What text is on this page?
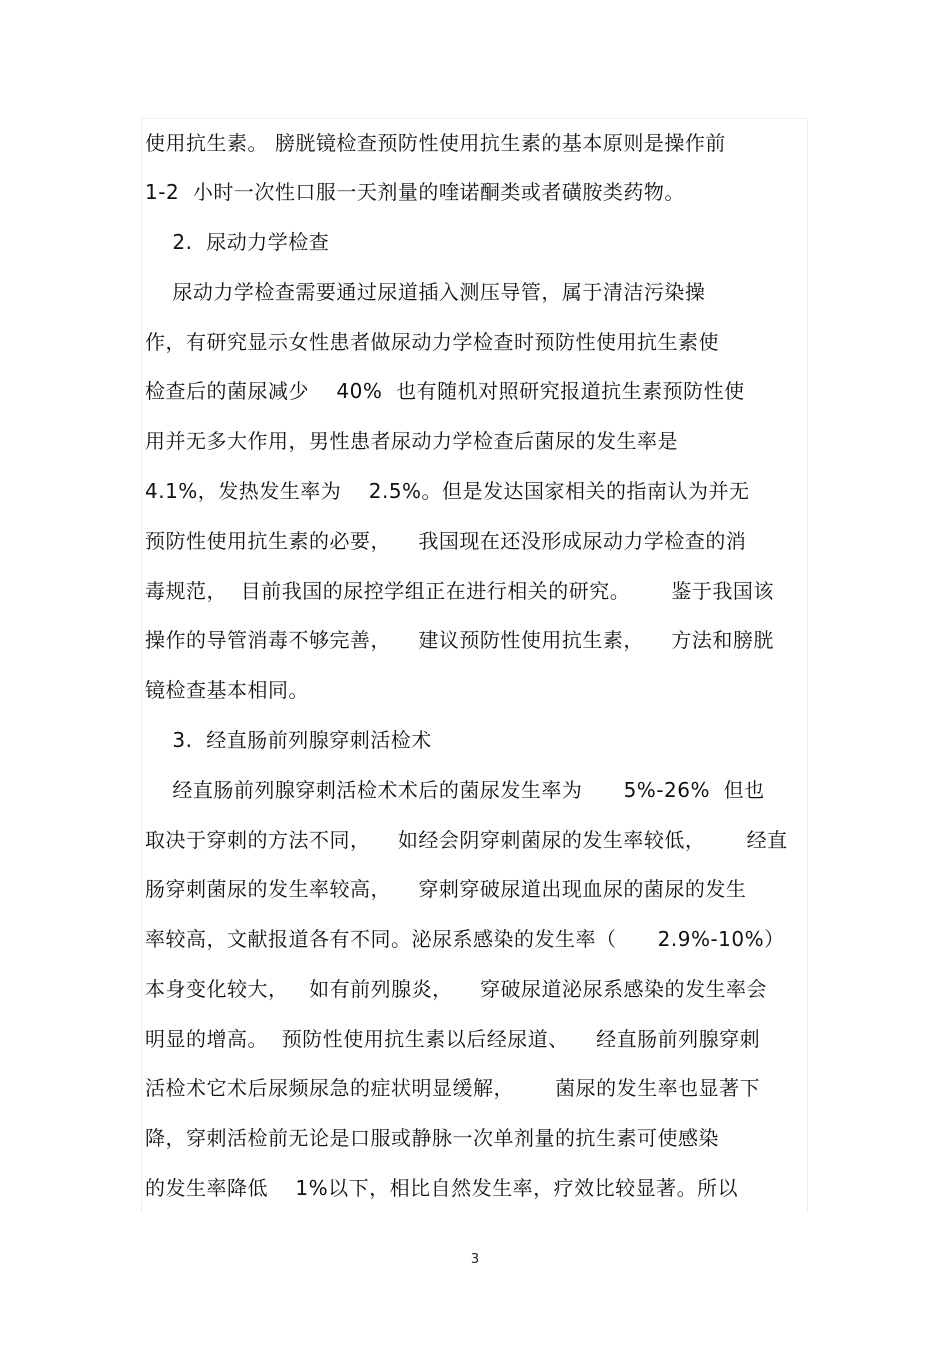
使用抗生素。 膀胱镜检查预防性使用抗生素的基本原则是操作前
1-2  小时一次性口服一天剂量的喹诺酮类或者磺胺类药物。
2.  尿动力学检查
尿动力学检查需要通过尿道插入测压导管，属于清洁污染操
作，有研究显示女性患者做尿动力学检查时预防性使用抗生素使
检查后的菌尿减少    40%  也有随机对照研究报道抗生素预防性使
用并无多大作用，男性患者尿动力学检查后菌尿的发生率是
4.1%，发热发生率为    2.5%。但是发达国家相关的指南认为并无
预防性使用抗生素的必要，    我国现在还没形成尿动力学检查的消
毒规范，  目前我国的尿控学组正在进行相关的研究。      鉴于我国该
操作的导管消毒不够完善，    建议预防性使用抗生素，    方法和膀胱
镜检查基本相同。
3.  经直肠前列腺穿刺活检术
经直肠前列腺穿刺活检术术后的菌尿发生率为      5%-26%  但也
取决于穿刺的方法不同，    如经会阴穿刺菌尿的发生率较低，      经直
肠穿刺菌尿的发生率较高，    穿刺穿破尿道出现血尿的菌尿的发生
率较高，文献报道各有不同。泌尿系感染的发生率（      2.9%-10%）
本身变化较大，   如有前列腺炎，    穿破尿道泌尿系感染的发生率会
明显的增高。  预防性使用抗生素以后经尿道、    经直肠前列腺穿刺
活检术它术后尿频尿急的症状明显缓解，      菌尿的发生率也显著下
降，穿刺活检前无论是口服或静脉一次单剂量的抗生素可使感染
的发生率降低    1%以下，相比自然发生率，疗效比较显著。所以
3
